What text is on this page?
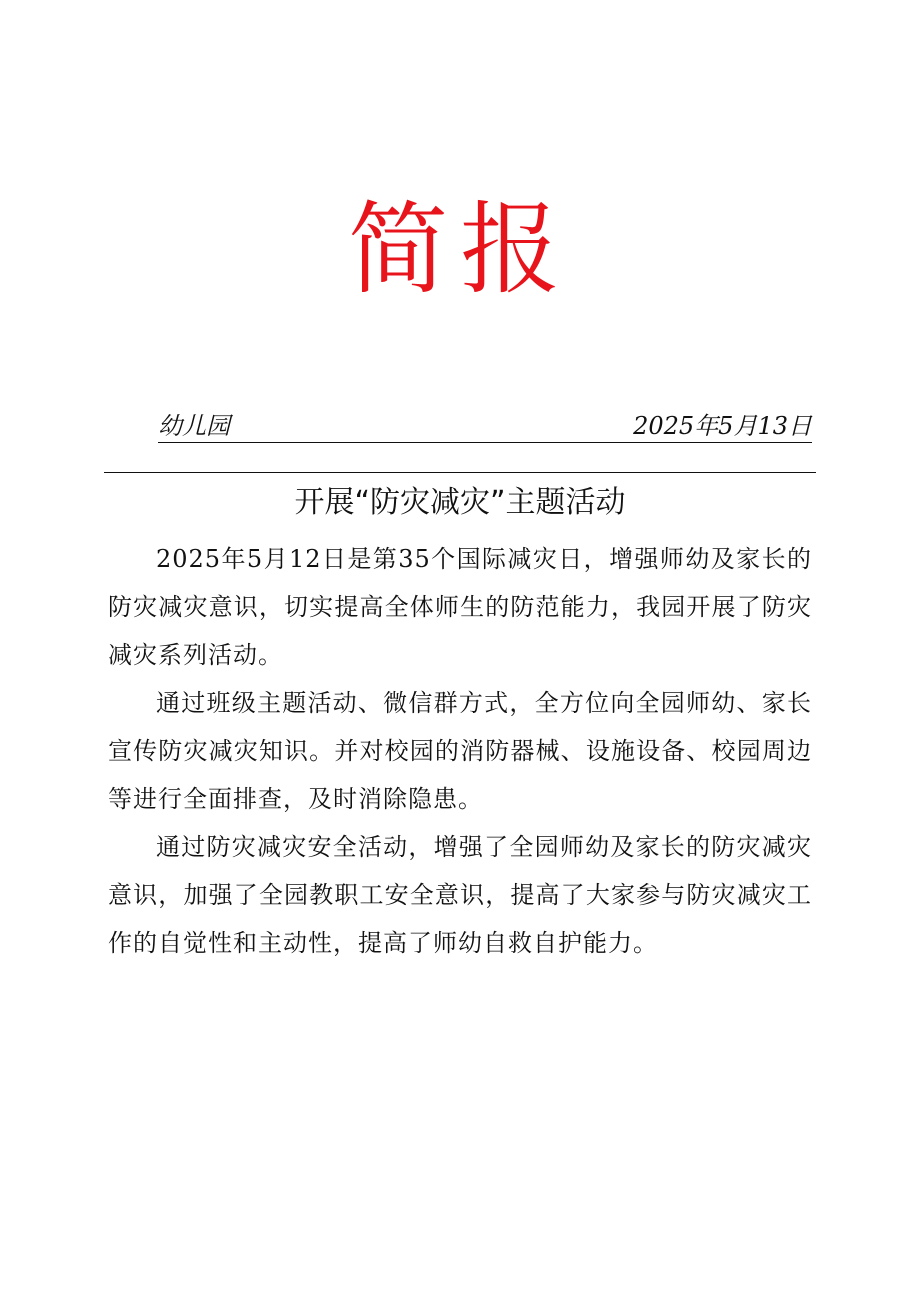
简报
幼儿园	2025年5月13日
开展“防灾减灾”主题活动

2025年5月12日是第35个国际减灾日，增强师幼及家长的防灾减灾意识，切实提高全体师生的防范能力，我园开展了防灾减灾系列活动。

通过班级主题活动、微信群方式，全方位向全园师幼、家长宣传防灾减灾知识。并对校园的消防器械、设施设备、校园周边等进行全面排查，及时消除隐患。

通过防灾减灾安全活动，增强了全园师幼及家长的防灾减灾意识，加强了全园教职工安全意识，提高了大家参与防灾减灾工作的自觉性和主动性，提高了师幼自救自护能力。
